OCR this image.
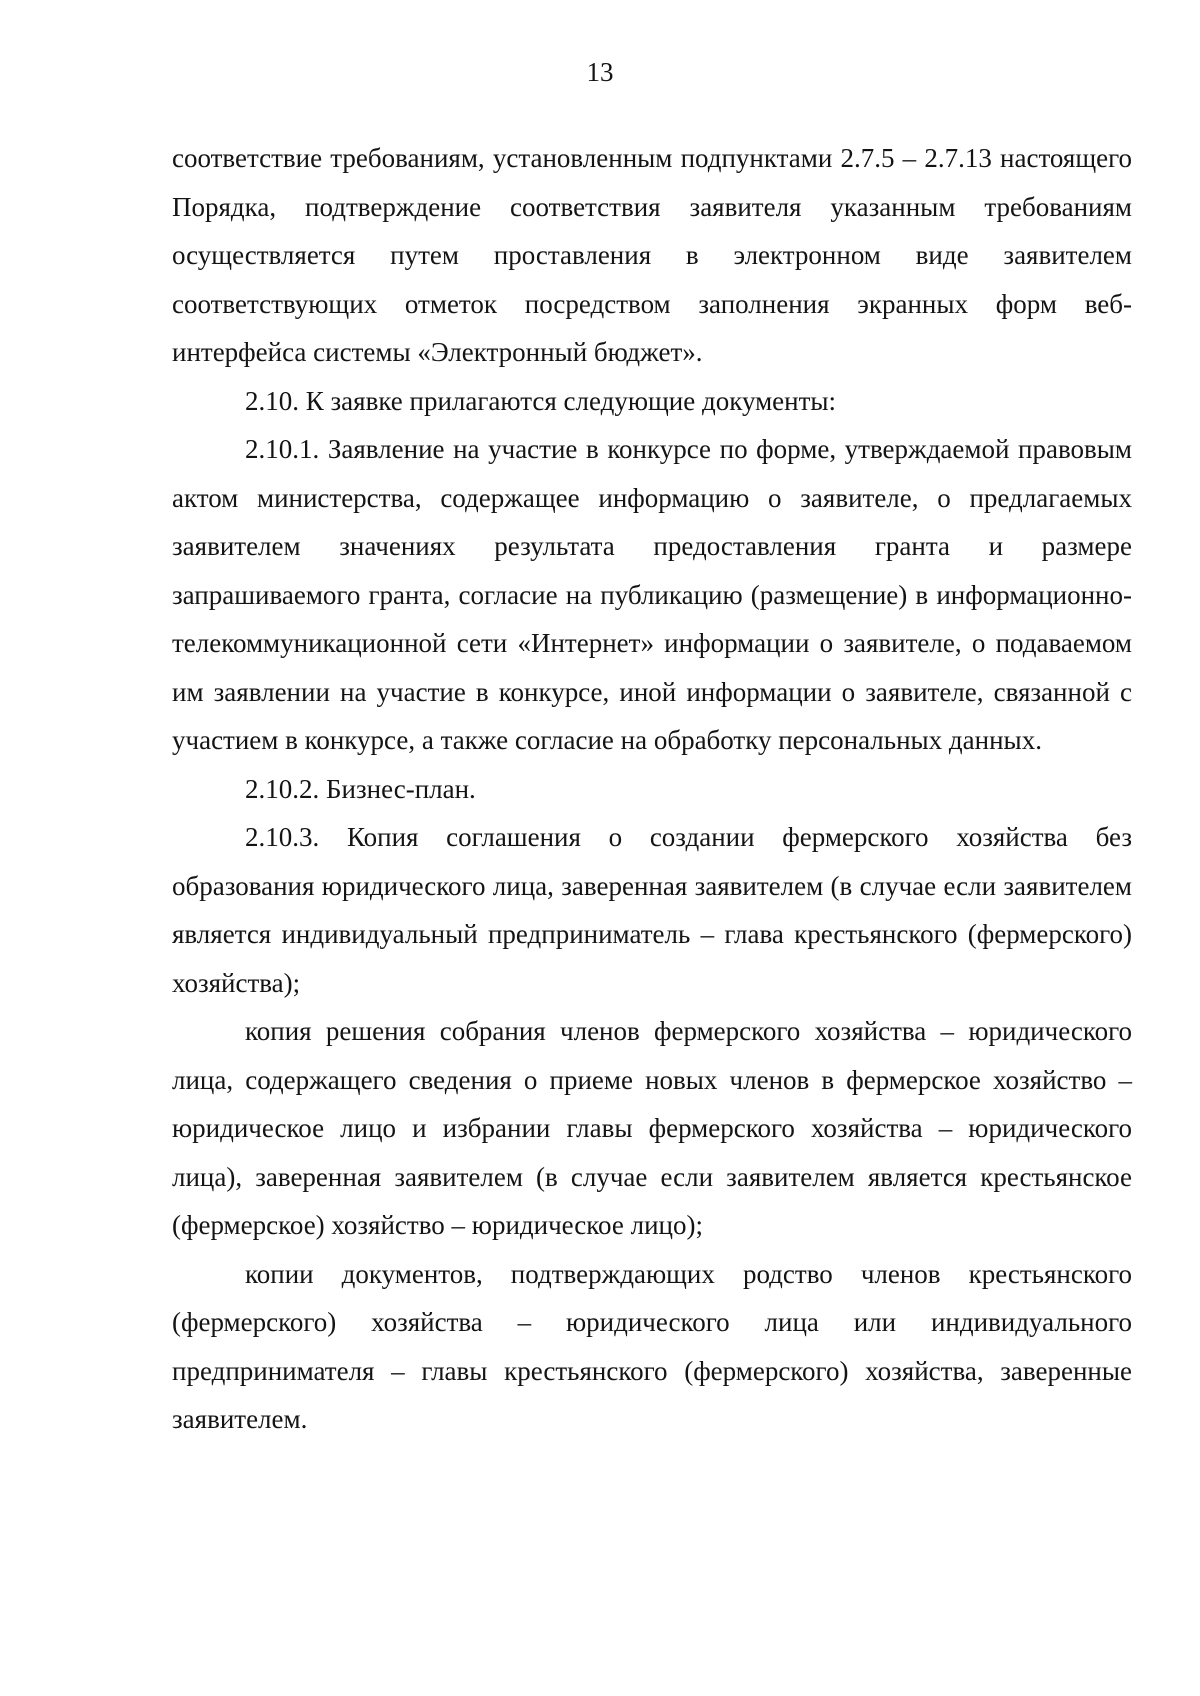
13

соответствие требованиям, установленным подпунктами 2.7.5 – 2.7.13 настоящего Порядка, подтверждение соответствия заявителя указанным требованиям осуществляется путем проставления в электронном виде заявителем соответствующих отметок посредством заполнения экранных форм веб-интерфейса системы «Электронный бюджет».

2.10. К заявке прилагаются следующие документы:

2.10.1. Заявление на участие в конкурсе по форме, утверждаемой правовым актом министерства, содержащее информацию о заявителе, о предлагаемых заявителем значениях результата предоставления гранта и размере запрашиваемого гранта, согласие на публикацию (размещение) в информационно-телекоммуникационной сети «Интернет» информации о заявителе, о подаваемом им заявлении на участие в конкурсе, иной информации о заявителе, связанной с участием в конкурсе, а также согласие на обработку персональных данных.

2.10.2. Бизнес-план.

2.10.3. Копия соглашения о создании фермерского хозяйства без образования юридического лица, заверенная заявителем (в случае если заявителем является индивидуальный предприниматель – глава крестьянского (фермерского) хозяйства);

копия решения собрания членов фермерского хозяйства – юридического лица, содержащего сведения о приеме новых членов в фермерское хозяйство – юридическое лицо и избрании главы фермерского хозяйства – юридического лица), заверенная заявителем (в случае если заявителем является крестьянское (фермерское) хозяйство – юридическое лицо);

копии документов, подтверждающих родство членов крестьянского (фермерского) хозяйства – юридического лица или индивидуального предпринимателя – главы крестьянского (фермерского) хозяйства, заверенные заявителем.
